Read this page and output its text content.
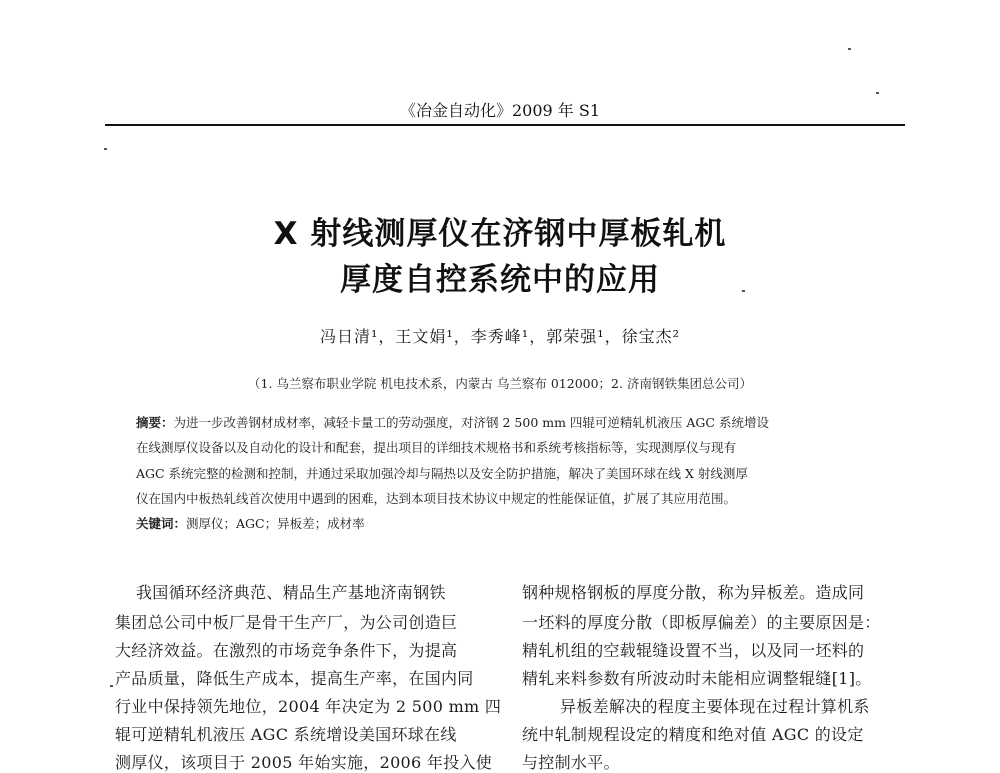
《冶金自动化》2009 年 S1
X 射线测厚仪在济钢中厚板轧机
厚度自控系统中的应用
冯日清¹，王文娟¹，李秀峰¹，郭荣强¹，徐宝杰²
（1. 乌兰察布职业学院 机电技术系，内蒙古 乌兰察布 012000；2. 济南钢铁集团总公司）
摘要：为进一步改善钢材成材率，减轻卡量工的劳动强度，对济钢 2 500 mm 四辊可逆精轧机液压 AGC 系统增设
在线测厚仪设备以及自动化的设计和配套，提出项目的详细技术规格书和系统考核指标等，实现测厚仪与现有
AGC 系统完整的检测和控制，并通过采取加强冷却与隔热以及安全防护措施，解决了美国环球在线 X 射线测厚
仪在国内中板热轧线首次使用中遇到的困难，达到本项目技术协议中规定的性能保证值，扩展了其应用范围。
关键词：测厚仪；AGC；异板差；成材率
我国循环经济典范、精品生产基地济南钢铁
集团总公司中板厂是骨干生产厂，为公司创造巨
大经济效益。在激烈的市场竞争条件下，为提高
产品质量，降低生产成本，提高生产率，在国内同
行业中保持领先地位，2004 年决定为 2 500 mm 四
辊可逆精轧机液压 AGC 系统增设美国环球在线
测厚仪，该项目于 2005 年始实施，2006 年投入使
钢种规格钢板的厚度分散，称为异板差。造成同
一坯料的厚度分散（即板厚偏差）的主要原因是：
精轧机组的空载辊缝设置不当，以及同一坯料的
精轧来料参数有所波动时未能相应调整辊缝[1]。
异板差解决的程度主要体现在过程计算机系
统中轧制规程设定的精度和绝对值 AGC 的设定
与控制水平。
